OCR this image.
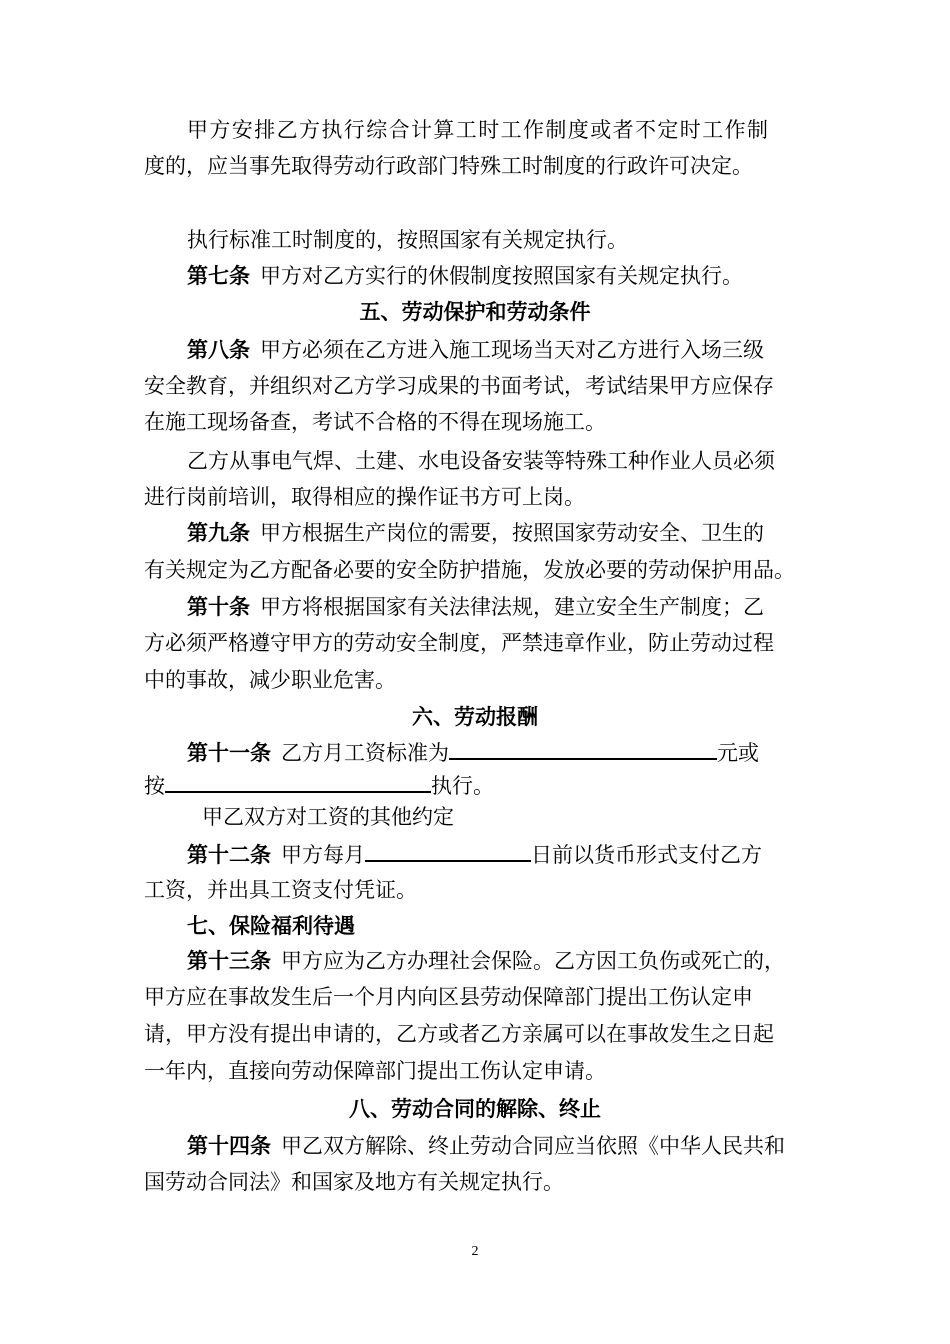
甲方安排乙方执行综合计算工时工作制度或者不定时工作制
度的，应当事先取得劳动行政部门特殊工时制度的行政许可决定。
执行标准工时制度的，按照国家有关规定执行。
第七条 甲方对乙方实行的休假制度按照国家有关规定执行。
五、劳动保护和劳动条件
第八条 甲方必须在乙方进入施工现场当天对乙方进行入场三级
安全教育，并组织对乙方学习成果的书面考试，考试结果甲方应保存
在施工现场备查，考试不合格的不得在现场施工。
乙方从事电气焊、土建、水电设备安装等特殊工种作业人员必须
进行岗前培训，取得相应的操作证书方可上岗。
第九条 甲方根据生产岗位的需要，按照国家劳动安全、卫生的
有关规定为乙方配备必要的安全防护措施，发放必要的劳动保护用品。
第十条 甲方将根据国家有关法律法规，建立安全生产制度；乙
方必须严格遵守甲方的劳动安全制度，严禁违章作业，防止劳动过程
中的事故，减少职业危害。
六、劳动报酬
第十一条 乙方月工资标准为	元或
按	执行。
甲乙双方对工资的其他约定
第十二条 甲方每月	日前以货币形式支付乙方
工资，并出具工资支付凭证。
七、保险福利待遇
第十三条 甲方应为乙方办理社会保险。乙方因工负伤或死亡的，
甲方应在事故发生后一个月内向区县劳动保障部门提出工伤认定申
请，甲方没有提出申请的，乙方或者乙方亲属可以在事故发生之日起
一年内，直接向劳动保障部门提出工伤认定申请。
八、劳动合同的解除、终止
第十四条 甲乙双方解除、终止劳动合同应当依照《中华人民共和
国劳动合同法》和国家及地方有关规定执行。
2
